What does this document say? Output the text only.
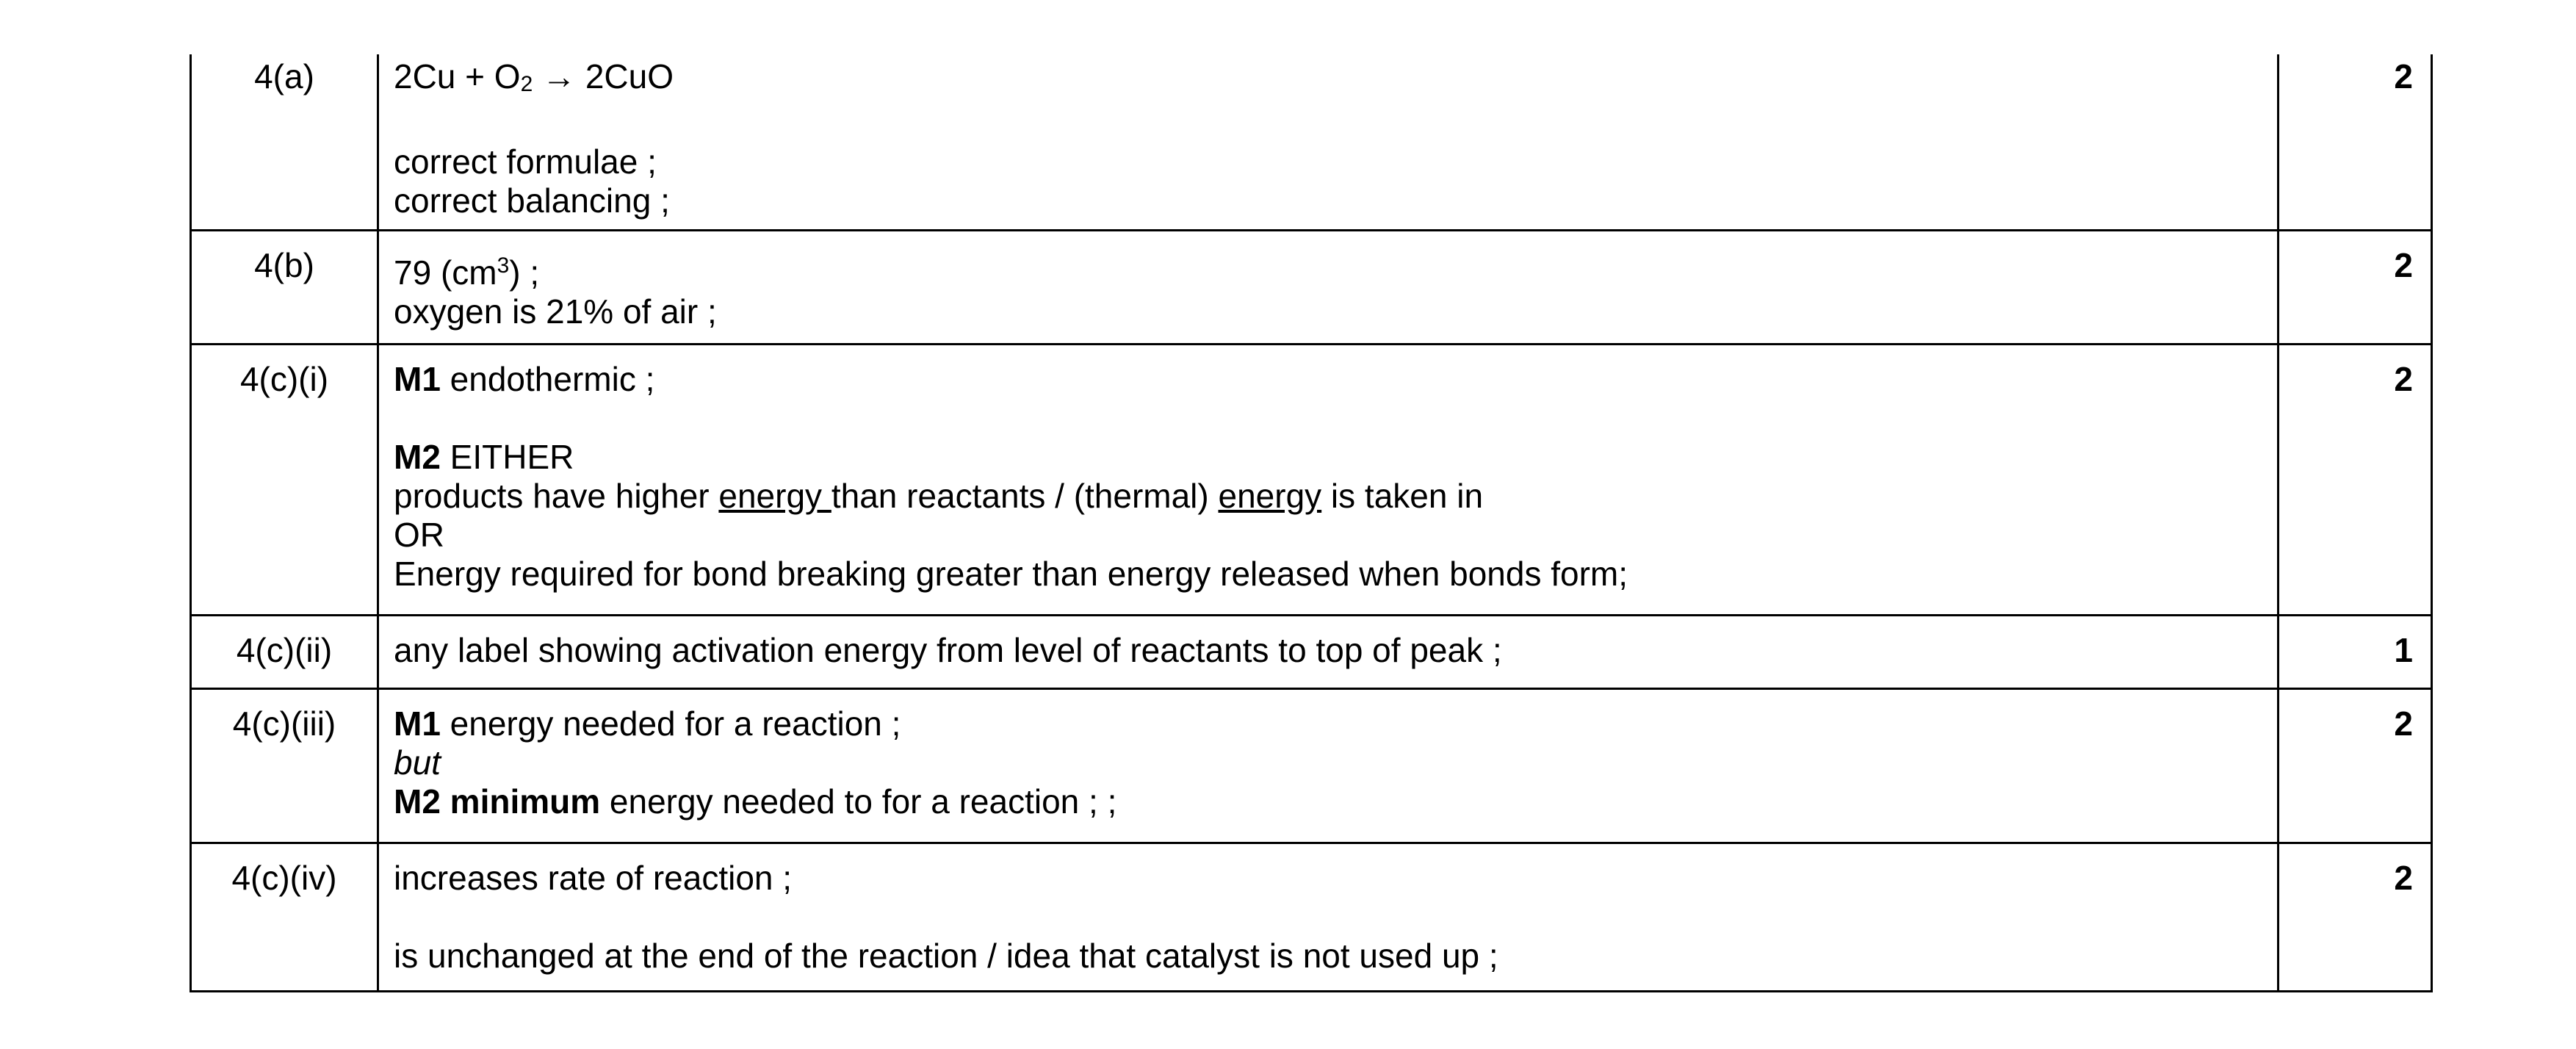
4(a)	2Cu + O2 → 2CuO
correct formulae ;
correct balancing ;	2

4(b)	79 $(cm^3)$ ;
oxygen is 21% of air ;	2

4(c)(i)	M1 endothermic ;
M2 EITHER
products have higher energy than reactants / (thermal) energy is taken in
OR
Energy required for bond breaking greater than energy released when bonds form;	2

4(c)(ii)	any label showing activation energy from level of reactants to top of peak ;	1

4(c)(iii)	M1 energy needed for a reaction ;
but
M2 minimum energy needed to for a reaction ; ;	2

4(c)(iv)	increases rate of reaction ;
is unchanged at the end of the reaction / idea that catalyst is not used up ;	2
